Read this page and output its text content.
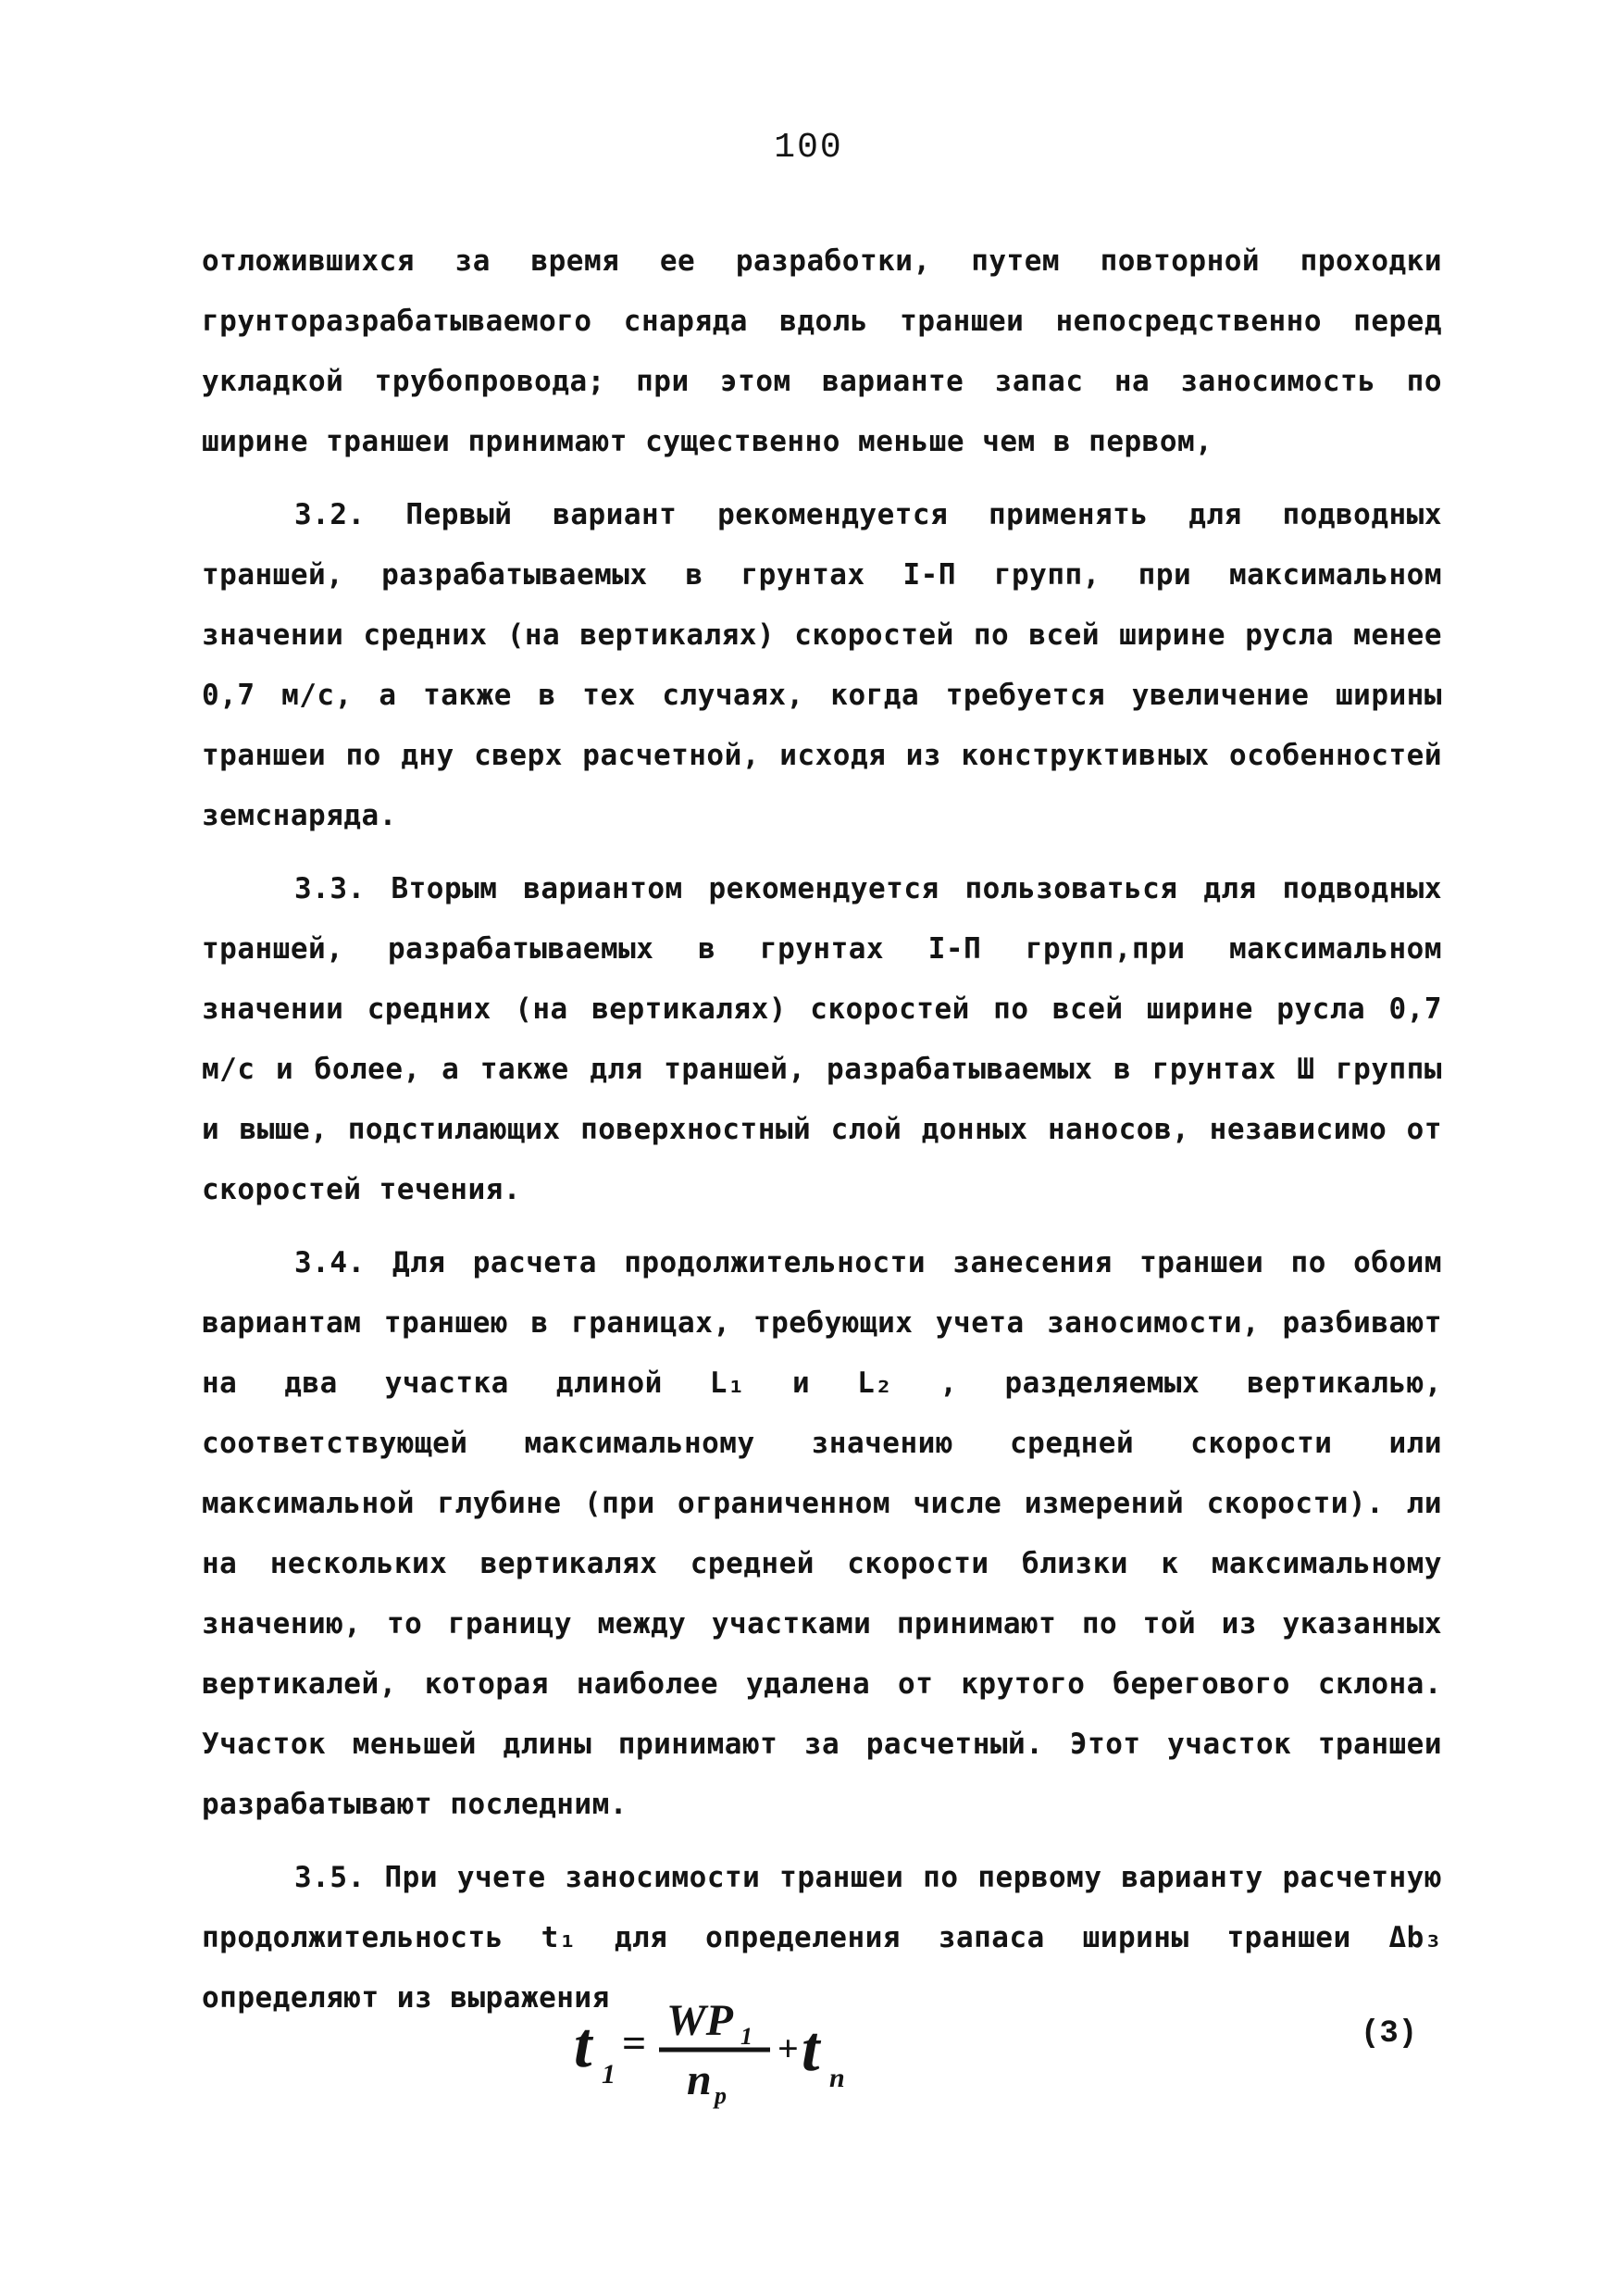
100

отложившихся за время ее разработки, путем повторной проходки грунторазрабатываемого снаряда вдоль траншеи непосредственно перед укладкой трубопровода; при этом варианте запас на заносимость по ширине траншеи принимают существенно меньше чем в первом,

3.2. Первый вариант рекомендуется применять для подводных траншей, разрабатываемых в грунтах I-П групп, при максимальном значении средних (на вертикалях) скоростей по всей ширине русла менее 0,7 м/с, а также в тех случаях, когда требуется увеличение ширины траншеи по дну сверх расчетной, исходя из конструктивных особенностей земснаряда.

3.3. Вторым вариантом рекомендуется пользоваться для подводных траншей, разрабатываемых в грунтах I-П групп,при максимальном значении средних (на вертикалях) скоростей по всей ширине русла 0,7 м/с и более, а также для траншей, разрабатываемых в грунтах Ш группы и выше, подстилающих поверхностный слой донных наносов, независимо от скоростей течения.

3.4. Для расчета продолжительности занесения траншеи по обоим вариантам траншею в границах, требующих учета заносимости, разбивают на два участка длиной L₁ и L₂ , разделяемых вертикалью, соответствующей максимальному значению средней скорости или максимальной глубине (при ограниченном числе измерений скорости). ли на нескольких вертикалях средней скорости близки к максимальному значению, то границу между участками принимают по той из указанных вертикалей, которая наиболее удалена от крутого берегового склона. Участок меньшей длины принимают за расчетный. Этот участок траншеи разрабатывают последним.

3.5. При учете заносимости траншеи по первому варианту расчетную продолжительность t₁ для определения запаса ширины траншеи Δb₃ определяют из выражения

t 1
= WP 1
n p
+ t п
(3)
